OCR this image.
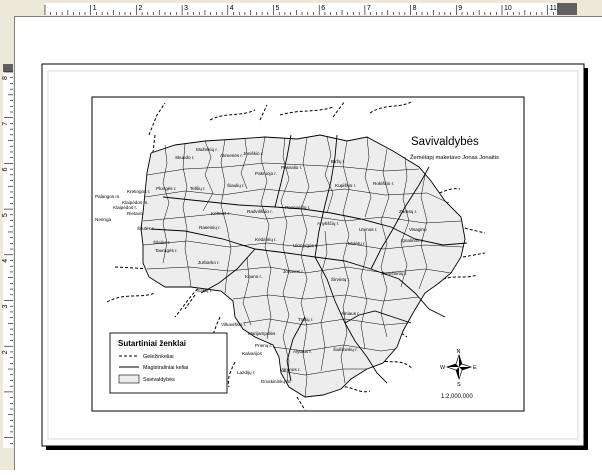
1	2	3	4	5	6	7	8	9	10	11
8
7
6
5
4
3
2
Skuodo r.
Mažeikių r.
Akmenės r. Joniškio r.
Biržų r.
Palangos m.
Kretingos r.
Plungės r.	Telšių r.
Šiaulių r.
Pakruojo r.
Pasvalio r.
Kupiškio r.	Rokiškio r.
Klaipėdos m.
Klaipėdos r.
Rietavo	Kelmės r.	Radviliškio r.
Panevėžio r.
Anykščių r.
Utenos r.
Zarasų r.
Neringa
Šilutės r.
Šilalės r.
Tauragės r.
Raseinių r.
Kėdainių r.
Ukmergės r.	Molėtų r.
Ignalinos r.
Visagino
Jurbarko r.
Kauno r.
Jonavos r.
Širvintų r.
Švenčionių r.
Šakių r.
Vilkaviškio r.
Marijampolės
Prienų r.
Trakų r.
Vilniaus r.
Kalvarijos	Alytaus r.
Varėnos r.
Šalčininkų r.
Lazdijų r.
Druskininkų m.
Savivaldybės
Žemėlapį maketavo Jonas Jonaitis
Sutartiniai ženklai
Geležinkeliai
Magistraliniai keliai
Savivaldybės
N
S
E
W
1:2,000,000
